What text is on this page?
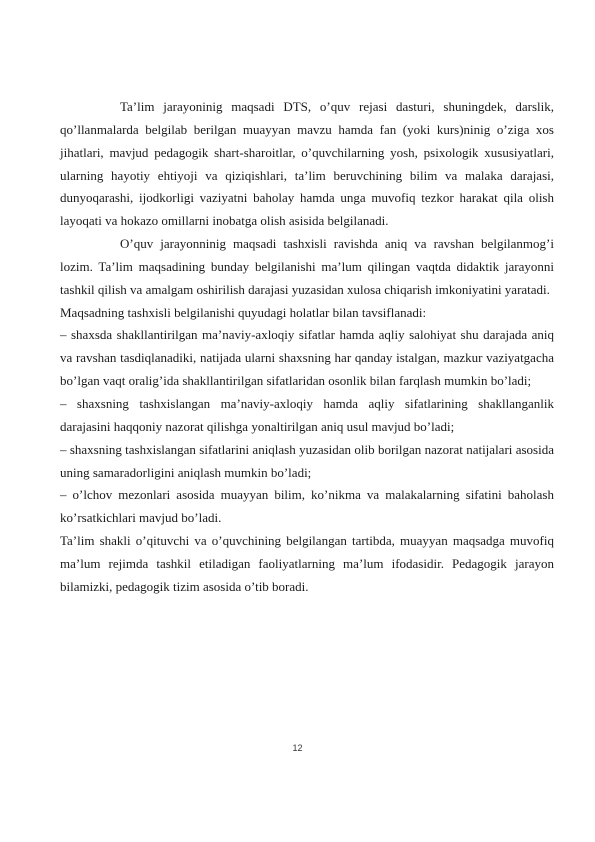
Ta’lim jarayoninig maqsadi DTS, o’quv rejasi dasturi, shuningdek, darslik, qo’llanmalarda belgilab berilgan muayyan mavzu hamda fan (yoki kurs)ninig o’ziga xos jihatlari, mavjud pedagogik shart-sharoitlar, o’quvchilarning yosh, psixologik xususiyatlari, ularning hayotiy ehtiyoji va qiziqishlari, ta’lim beruvchining bilim va malaka darajasi, dunyoqarashi, ijodkorligi vaziyatni baholay hamda unga muvofiq tezkor harakat qila olish layoqati va hokazo omillarni inobatga olish asisida belgilanadi.

O’quv jarayonninig maqsadi tashxisli ravishda aniq va ravshan belgilanmog’i lozim. Ta’lim maqsadining bunday belgilanishi ma’lum qilingan vaqtda didaktik jarayonni tashkil qilish va amalgam oshirilish darajasi yuzasidan xulosa chiqarish imkoniyatini yaratadi.

Maqsadning tashxisli belgilanishi quyudagi holatlar bilan tavsiflanadi:

– shaxsda shakllantirilgan ma’naviy-axloqiy sifatlar hamda aqliy salohiyat shu darajada aniq va ravshan tasdiqlanadiki, natijada ularni shaxsning har qanday istalgan, mazkur vaziyatgacha bo’lgan vaqt oralig’ida shakllantirilgan sifatlaridan osonlik bilan farqlash mumkin bo’ladi;

– shaxsning tashxislangan ma’naviy-axloqiy hamda aqliy sifatlarining shakllanganlik darajasini haqqoniy nazorat qilishga yonaltirilgan aniq usul mavjud bo’ladi;

– shaxsning tashxislangan sifatlarini aniqlash yuzasidan olib borilgan nazorat natijalari asosida uning samaradorligini aniqlash mumkin bo’ladi;

– o’lchov mezonlari asosida muayyan bilim, ko’nikma va malakalarning sifatini baholash ko’rsatkichlari mavjud bo’ladi.

Ta’lim shakli o’qituvchi va o’quvchining belgilangan tartibda, muayyan maqsadga muvofiq ma’lum rejimda tashkil etiladigan faoliyatlarning ma’lum ifodasidir. Pedagogik jarayon bilamizki, pedagogik tizim asosida o’tib boradi.

12
